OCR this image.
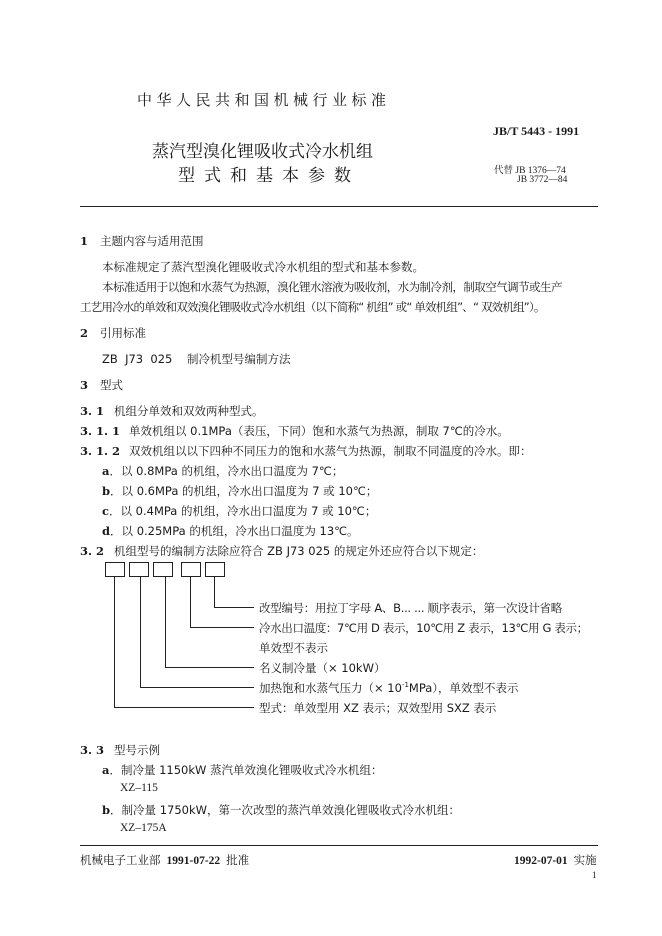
中华人民共和国机械行业标准
蒸汽型溴化锂吸收式冷水机组
型式和基本参数
JB/T 5443 - 1991
代替 JB 1376—74
JB 3772—84
1 主题内容与适用范围
本标准规定了蒸汽型溴化锂吸收式冷水机组的型式和基本参数。
本标准适用于以饱和水蒸气为热源，溴化锂水溶液为吸收剂，水为制冷剂，制取空气调节或生产
工艺用冷水的单效和双效溴化锂吸收式冷水机组（以下简称“ 机组” 或“ 单效机组”、“ 双效机组”）。
2 引用标准
ZB  J73  025    制冷机型号编制方法
3 型式
3. 1 机组分单效和双效两种型式。
3. 1. 1 单效机组以 0.1MPa（表压，下同）饱和水蒸气为热源，制取 7℃的冷水。
3. 1. 2 双效机组以以下四种不同压力的饱和水蒸气为热源，制取不同温度的冷水。即：
a．以 0.8MPa 的机组，冷水出口温度为 7℃；
b．以 0.6MPa 的机组，冷水出口温度为 7 或 10℃；
c．以 0.4MPa 的机组，冷水出口温度为 7 或 10℃；
d．以 0.25MPa 的机组，冷水出口温度为 13℃。
3. 2 机组型号的编制方法除应符合 ZB J73 025 的规定外还应符合以下规定：
改型编号：用拉丁字母 A、B... ... 顺序表示，第一次设计省略
冷水出口温度：7℃用 D 表示，10℃用 Z 表示，13℃用 G 表示；
单效型不表示
名义制冷量（× 10kW）
加热饱和水蒸气压力（× $10^{-1}MPa$），单效型不表示
型式：单效型用 XZ 表示；双效型用 SXZ 表示
3. 3 型号示例
a．制冷量 1150kW 蒸汽单效溴化锂吸收式冷水机组：
XZ–115
b．制冷量 1750kW，第一次改型的蒸汽单效溴化锂吸收式冷水机组：
XZ–175A
机械电子工业部 1991-07-22 批准	1992-07-01 实施
1
